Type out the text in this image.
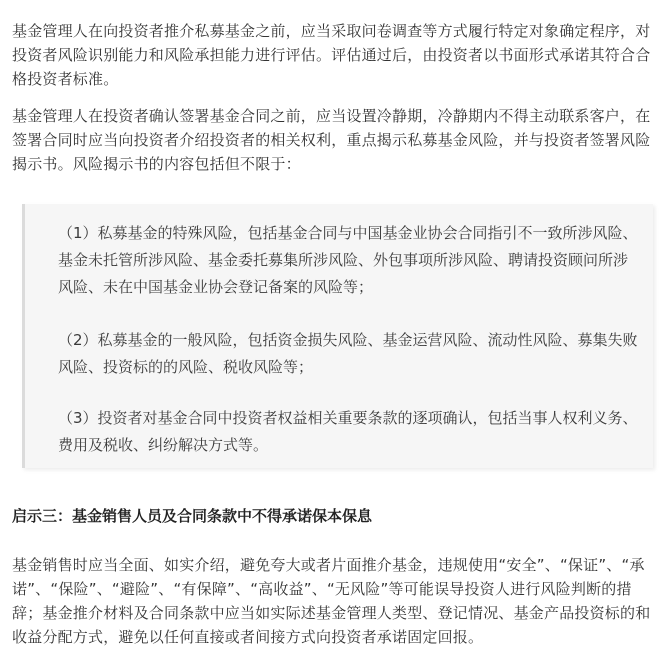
基金管理人在向投资者推介私募基金之前，应当采取问卷调查等方式履行特定对象确定程序，对投资者风险识别能力和风险承担能力进行评估。评估通过后，由投资者以书面形式承诺其符合合格投资者标准。

基金管理人在投资者确认签署基金合同之前，应当设置冷静期，冷静期内不得主动联系客户，在签署合同时应当向投资者介绍投资者的相关权利，重点揭示私募基金风险，并与投资者签署风险揭示书。风险揭示书的内容包括但不限于：

（1）私募基金的特殊风险，包括基金合同与中国基金业协会合同指引不一致所涉风险、基金未托管所涉风险、基金委托募集所涉风险、外包事项所涉风险、聘请投资顾问所涉风险、未在中国基金业协会登记备案的风险等；

（2）私募基金的一般风险，包括资金损失风险、基金运营风险、流动性风险、募集失败风险、投资标的的风险、税收风险等；

（3）投资者对基金合同中投资者权益相关重要条款的逐项确认，包括当事人权利义务、费用及税收、纠纷解决方式等。

启示三：基金销售人员及合同条款中不得承诺保本保息

基金销售时应当全面、如实介绍，避免夸大或者片面推介基金，违规使用“安全”、“保证”、“承诺”、“保险”、“避险”、“有保障”、“高收益”、“无风险”等可能误导投资人进行风险判断的措辞；基金推介材料及合同条款中应当如实际述基金管理人类型、登记情况、基金产品投资标的和收益分配方式，避免以任何直接或者间接方式向投资者承诺固定回报。
